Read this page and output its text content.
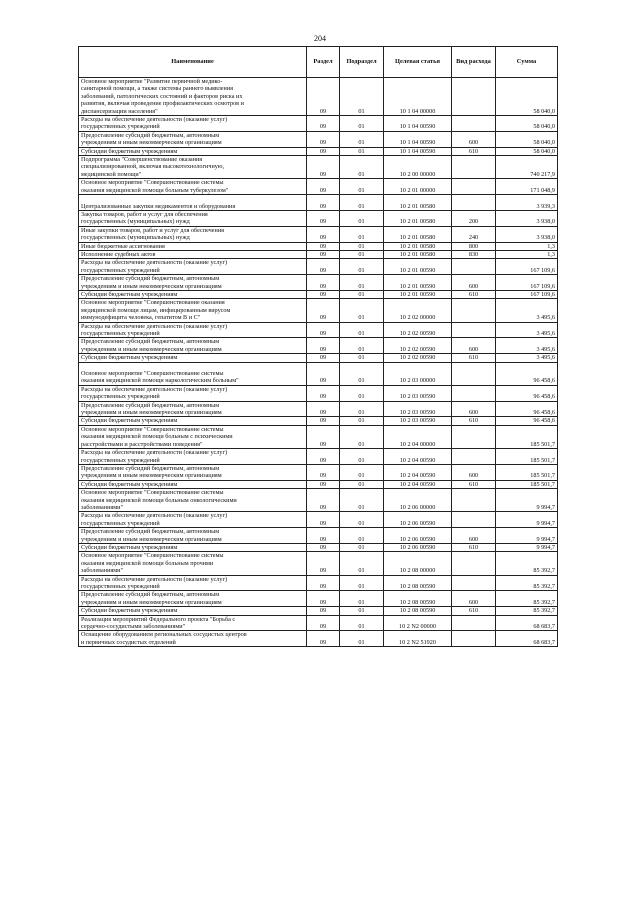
204
Наименование	Раздел	Подраздел	Целевая статья	Вид расхода	Сумма
Основное мероприятие "Развитие первичной медико-
санитарной помощи, а также системы раннего выявления
заболеваний, патологических состояний и факторов риска их
развития, включая проведение профилактических осмотров и
диспансеризации населения"	09	01	10 1 04 00000		58 040,0
Расходы на обеспечение деятельности (оказание услуг)
государственных учреждений	09	01	10 1 04 00590		58 040,0
Предоставление субсидий бюджетным, автономным
учреждениям и иным некоммерческим организациям	09	01	10 1 04 00590	600	58 040,0
Субсидии бюджетным учреждениям	09	01	10 1 04 00590	610	58 040,0
Подпрограмма "Совершенствование оказания
специализированной, включая высокотехнологичную,
медицинской помощи"	09	01	10 2 00 00000		740 217,9
Основное мероприятие "Совершенствование системы
оказания медицинской помощи больным туберкулезом"	09	01	10 2 01 00000		171 048,9

Централизованные закупки медикаментов и оборудования	09	01	10 2 01 00580		3 939,3
Закупка товаров, работ и услуг для обеспечения
государственных (муниципальных) нужд	09	01	10 2 01 00580	200	3 938,0
Иные закупки товаров, работ и услуг для обеспечения
государственных (муниципальных) нужд	09	01	10 2 01 00580	240	3 938,0
Иные бюджетные ассигнования	09	01	10 2 01 00580	800	1,3
Исполнение судебных актов	09	01	10 2 01 00580	830	1,3
Расходы на обеспечение деятельности (оказание услуг)
государственных учреждений	09	01	10 2 01 00590		167 109,6
Предоставление субсидий бюджетным, автономным
учреждениям и иным некоммерческим организациям	09	01	10 2 01 00590	600	167 109,6
Субсидии бюджетным учреждениям	09	01	10 2 01 00590	610	167 109,6
Основное мероприятие "Совершенствование оказания
медицинской помощи лицам, инфицированным вирусом
иммунодефицита человека, гепатитом В и С"	09	01	10 2 02 00000		3 495,6
Расходы на обеспечение деятельности (оказание услуг)
государственных учреждений	09	01	10 2 02 00590		3 495,6
Предоставление субсидий бюджетным, автономным
учреждениям и иным некоммерческим организациям	09	01	10 2 02 00590	600	3 495,6
Субсидии бюджетным учреждениям	09	01	10 2 02 00590	610	3 495,6

Основное мероприятие "Совершенствование системы
оказания медицинской помощи наркологическим больным"	09	01	10 2 03 00000		96 458,6
Расходы на обеспечение деятельности (оказание услуг)
государственных учреждений	09	01	10 2 03 00590		96 458,6
Предоставление субсидий бюджетным, автономным
учреждениям и иным некоммерческим организациям	09	01	10 2 03 00590	600	96 458,6
Субсидии бюджетным учреждениям	09	01	10 2 03 00590	610	96 458,6
Основное мероприятие "Совершенствование системы
оказания медицинской помощи больным с психическими
расстройствами и расстройствами поведения"	09	01	10 2 04 00000		185 501,7
Расходы на обеспечение деятельности (оказание услуг)
государственных учреждений	09	01	10 2 04 00590		185 501,7
Предоставление субсидий бюджетным, автономным
учреждениям и иным некоммерческим организациям	09	01	10 2 04 00590	600	185 501,7
Субсидии бюджетным учреждениям	09	01	10 2 04 00590	610	185 501,7
Основное мероприятие "Совершенствование системы
оказания медицинской помощи больным онкологическими
заболеваниями"	09	01	10 2 06 00000		9 994,7
Расходы на обеспечение деятельности (оказание услуг)
государственных учреждений	09	01	10 2 06 00590		9 994,7
Предоставление субсидий бюджетным, автономным
учреждениям и иным некоммерческим организациям	09	01	10 2 06 00590	600	9 994,7
Субсидии бюджетным учреждениям	09	01	10 2 06 00590	610	9 994,7
Основное мероприятие "Совершенствование системы
оказания медицинской помощи больным прочими
заболеваниями"	09	01	10 2 08 00000		85 392,7
Расходы на обеспечение деятельности (оказание услуг)
государственных учреждений	09	01	10 2 08 00590		85 392,7
Предоставление субсидий бюджетным, автономным
учреждениям и иным некоммерческим организациям	09	01	10 2 08 00590	600	85 392,7
Субсидии бюджетным учреждениям	09	01	10 2 08 00590	610	85 392,7
Реализация мероприятий Федерального проекта "Борьба с
сердечно-сосудистыми заболеваниями"	09	01	10 2 N2 00000		68 683,7
Оснащение оборудованием региональных сосудистых центров
и первичных сосудистых отделений	09	01	10 2 N2 51920		68 683,7
